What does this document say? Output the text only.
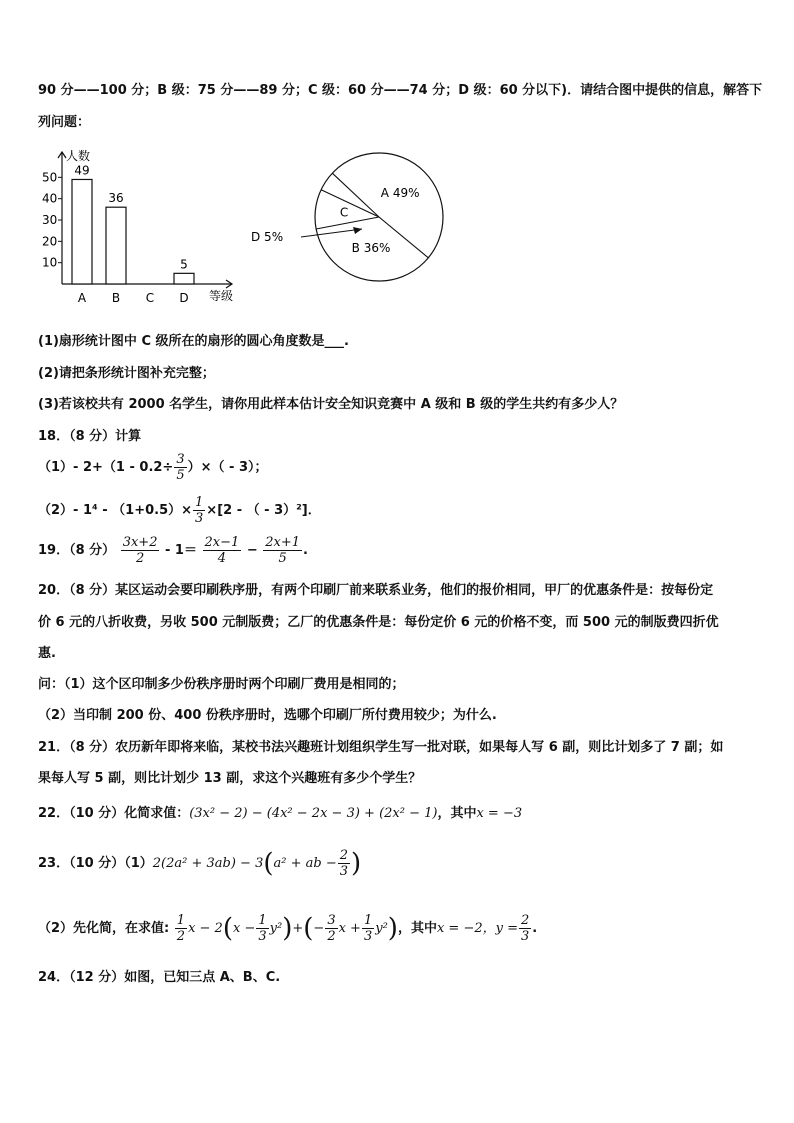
90 分——100 分；B 级：75 分——89 分；C 级：60 分——74 分；D 级：60 分以下)．请结合图中提供的信息，解答下
列问题：
人数
等级
10
20
30
40
50
A
49
B
36
C D
5
A 49%
B 36%
C
D 5%
(1)扇形统计图中 C 级所在的扇形的圆心角度数是___.
(2)请把条形统计图补充完整；
(3)若该校共有 2000 名学生，请你用此样本估计安全知识竞赛中 A 级和 B 级的学生共约有多少人？
18．（8 分）计算
（1）- $2+(1 - 0.2\div \frac{3}{5}$ ）×（ - 3）；
（2）- $1^4 - (1+0.5)\times \frac{1}{3} \times[2$ - （ - 3）²]．
19．（8 分） $\frac{3x+2}{2} - 1= \frac{2x-1}{4} - \frac{2x+1}{5}$ .
20．（8 分）某区运动会要印刷秩序册，有两个印刷厂前来联系业务，他们的报价相同，甲厂的优惠条件是：按每份定
价 6 元的八折收费，另收 500 元制版费；乙厂的优惠条件是：每份定价 6 元的价格不变，而 500 元的制版费四折优
惠.
问：（1）这个区印制多少份秩序册时两个印刷厂费用是相同的；
（2）当印制 200 份、400 份秩序册时，选哪个印刷厂所付费用较少；为什么.
21．（8 分）农历新年即将来临，某校书法兴趣班计划组织学生写一批对联，如果每人写 6 副，则比计划多了 7 副；如
果每人写 5 副，则比计划少 13 副，求这个兴趣班有多少个学生？
22．（10 分）化简求值：(3x² − 2) − (4x² − 2x − 3) + (2x² − 1)，其中x = −3
23．（10 分）（1）2(2a² + 3ab) − 3(a² + ab − $\frac{2}{3}$ )
（2）先化简，在求值: $\frac{1}{2}$ $x - 2(x - \frac{1}{3} y^2)+(- \frac{3}{2}$ $x + \frac{1}{3} y^2$)，其中x = −2，$y = \frac{2}{3}$ .
24．（12 分）如图，已知三点 A、B、C.
